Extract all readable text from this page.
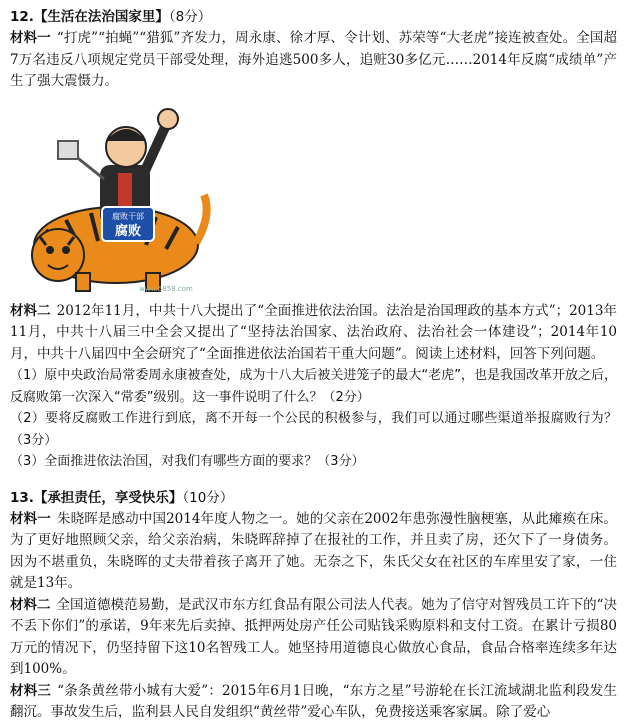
12.【生活在法治国家里】（8分）

材料一 “打虎”“拍蝇”“猎狐”齐发力，周永康、徐才厚、令计划、苏荣等“大老虎”接连被查处。全国超7万名违反八项规定党员干部受处理，海外追逃500多人，追赃30多亿元……2014年反腐“成绩单”产生了强大震慑力。

腐败干部
腐败
www.5858.com

材料二 2012年11月，中共十八大提出了“全面推进依法治国。法治是治国理政的基本方式”；2013年11月，中共十八届三中全会又提出了“坚持法治国家、法治政府、法治社会一体建设”；2014年10月，中共十八届四中全会研究了“全面推进依法治国若干重大问题”。阅读上述材料，回答下列问题。

（1）原中央政治局常委周永康被查处，成为十八大后被关进笼子的最大“老虎”，也是我国改革开放之后，反腐败第一次深入“常委”级别。这一事件说明了什么？（2分）

（2）要将反腐败工作进行到底，离不开每一个公民的积极参与，我们可以通过哪些渠道举报腐败行为？（3分）

（3）全面推进依法治国，对我们有哪些方面的要求？（3分）

13.【承担责任，享受快乐】（10分）

材料一 朱晓晖是感动中国2014年度人物之一。她的父亲在2002年患弥漫性脑梗塞，从此瘫痪在床。为了更好地照顾父亲，给父亲治病，朱晓晖辞掉了在报社的工作，并且卖了房，还欠下了一身债务。因为不堪重负，朱晓晖的丈夫带着孩子离开了她。无奈之下，朱氏父女在社区的车库里安了家，一住就是13年。

材料二 全国道德模范易勤，是武汉市东方红食品有限公司法人代表。她为了信守对智残员工许下的“决不丢下你们”的承诺，9年来先后卖掉、抵押两处房产任公司贴钱采购原料和支付工资。在累计亏损80万元的情况下，仍坚持留下这10名智残工人。她坚持用道德良心做放心食品，食品合格率连续多年达到100%。

材料三 “条条黄丝带小城有大爱”：2015年6月1日晚，“东方之星”号游轮在长江流域湖北监利段发生翻沉。事故发生后，监利县人民自发组织“黄丝带”爱心车队，免费接送乘客家属。除了爱心
